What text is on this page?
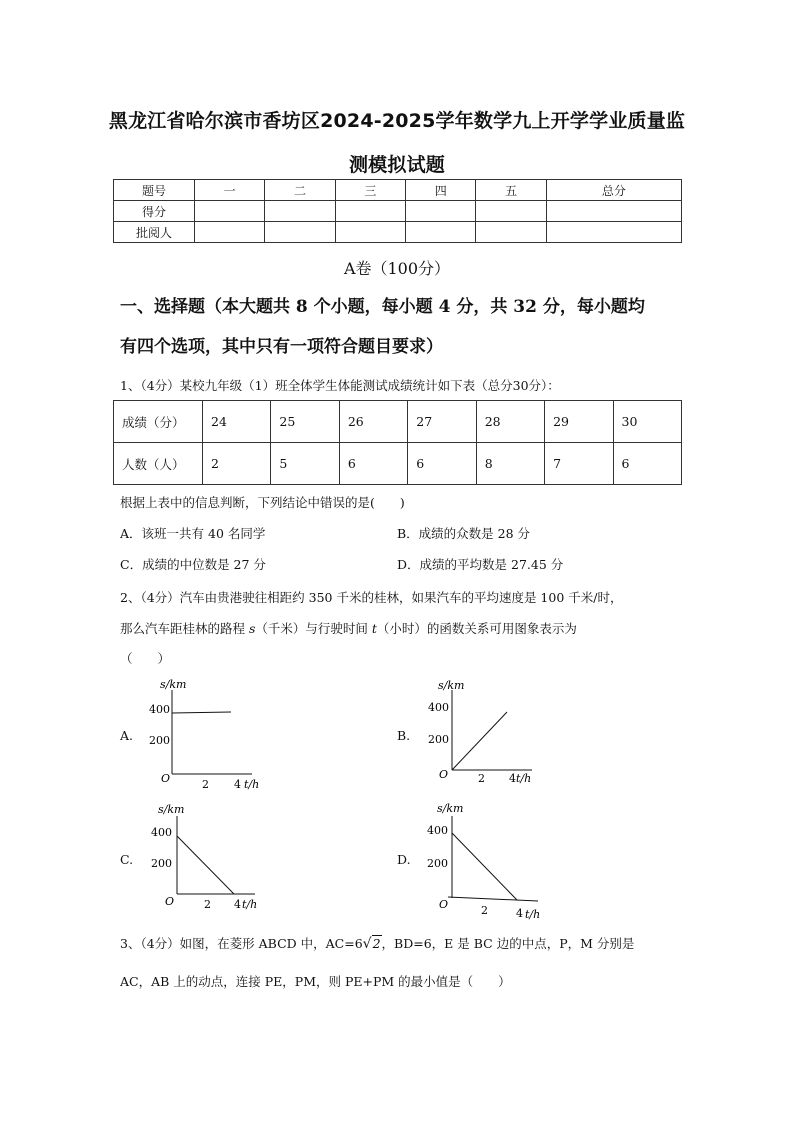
黑龙江省哈尔滨市香坊区2024-2025学年数学九上开学学业质量监
测模拟试题
题号	一	二	三	四	五	总分
得分						
批阅人						
A卷（100分）
一、选择题（本大题共 8 个小题，每小题 4 分，共 32 分，每小题均
有四个选项，其中只有一项符合题目要求）
1、（4分）某校九年级（1）班全体学生体能测试成绩统计如下表（总分30分）：
成绩（分）	24	25	26	27	28	29	30
人数（人）	2	5	6	6	8	7	6
根据上表中的信息判断，下列结论中错误的是(　　)
A．该班一共有 40 名同学	B．成绩的众数是 28 分
C．成绩的中位数是 27 分	D．成绩的平均数是 27.45 分
2、（4分）汽车由贵港驶往相距约 350 千米的桂林，如果汽车的平均速度是 100 千米/时，
那么汽车距桂林的路程 s（千米）与行驶时间 t（小时）的函数关系可用图象表示为
（　　）
A.	B.
C.	D.
s/km
400
200
O	2 4 t/h
s/km
400
200
O	2 4 t/h
s/km
400
200
O	2 4 t/h
s/km
400
200
O	2	4 t/h
3、（4分）如图，在菱形 ABCD 中，AC=6√2，BD=6，E 是 BC 边的中点，P，M 分别是
AC，AB 上的动点，连接 PE，PM，则 PE+PM 的最小值是（　　）
